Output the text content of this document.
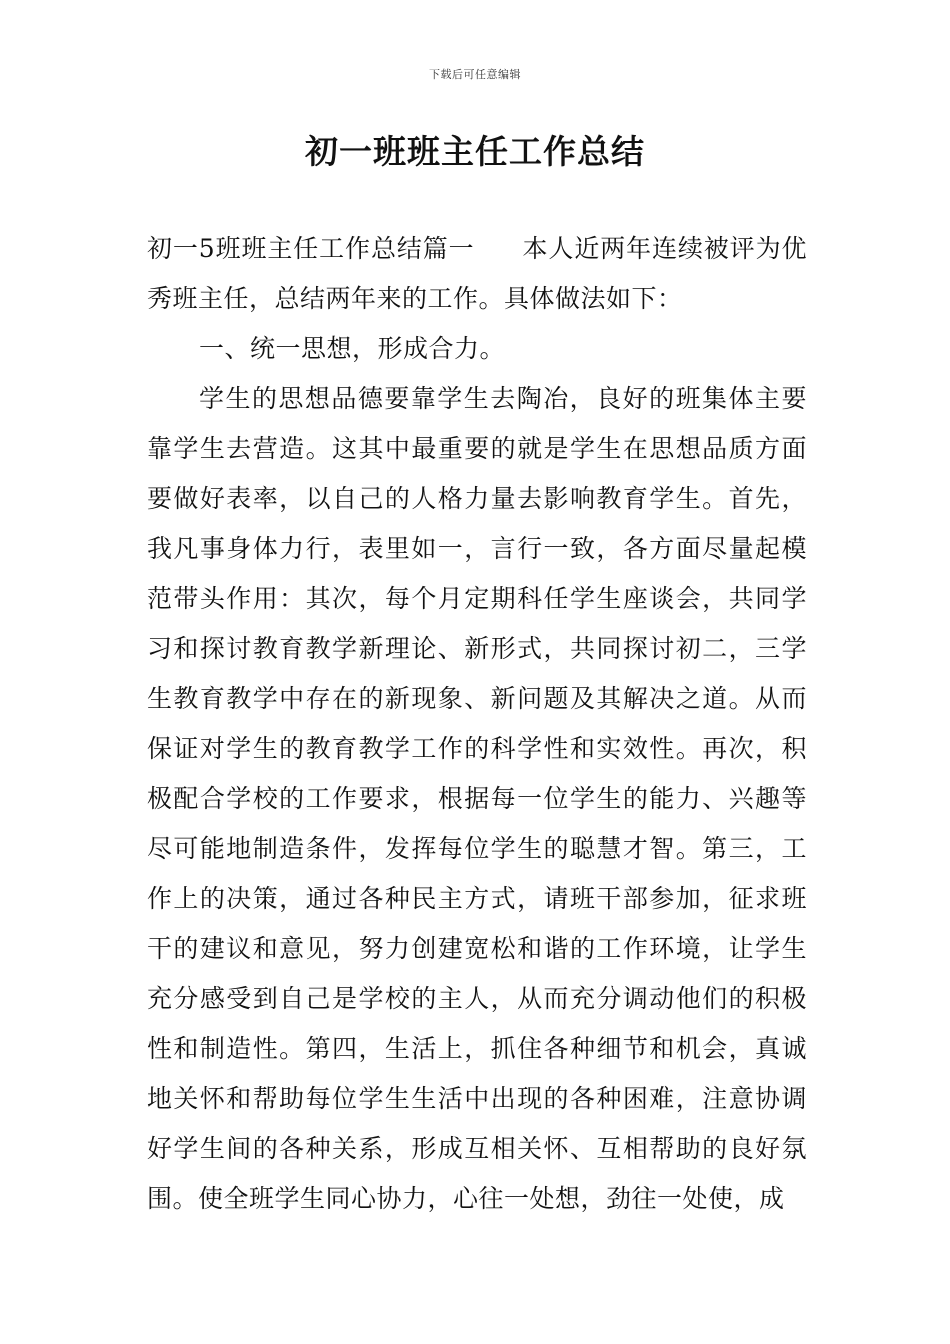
下载后可任意编辑
初一班班主任工作总结

初一5班班主任工作总结篇一 本人近两年连续被评为优秀班主任，总结两年来的工作。具体做法如下：

一、统一思想，形成合力。

学生的思想品德要靠学生去陶冶，良好的班集体主要靠学生去营造。这其中最重要的就是学生在思想品质方面要做好表率，以自己的人格力量去影响教育学生。首先，我凡事身体力行，表里如一，言行一致，各方面尽量起模范带头作用：其次，每个月定期科任学生座谈会，共同学习和探讨教育教学新理论、新形式，共同探讨初二，三学生教育教学中存在的新现象、新问题及其解决之道。从而保证对学生的教育教学工作的科学性和实效性。再次，积极配合学校的工作要求，根据每一位学生的能力、兴趣等尽可能地制造条件，发挥每位学生的聪慧才智。第三，工作上的决策，通过各种民主方式，请班干部参加，征求班干的建议和意见，努力创建宽松和谐的工作环境，让学生充分感受到自己是学校的主人，从而充分调动他们的积极性和制造性。第四，生活上，抓住各种细节和机会，真诚地关怀和帮助每位学生生活中出现的各种困难，注意协调好学生间的各种关系，形成互相关怀、互相帮助的良好氛围。使全班学生同心协力，心往一处想，劲往一处使，成
